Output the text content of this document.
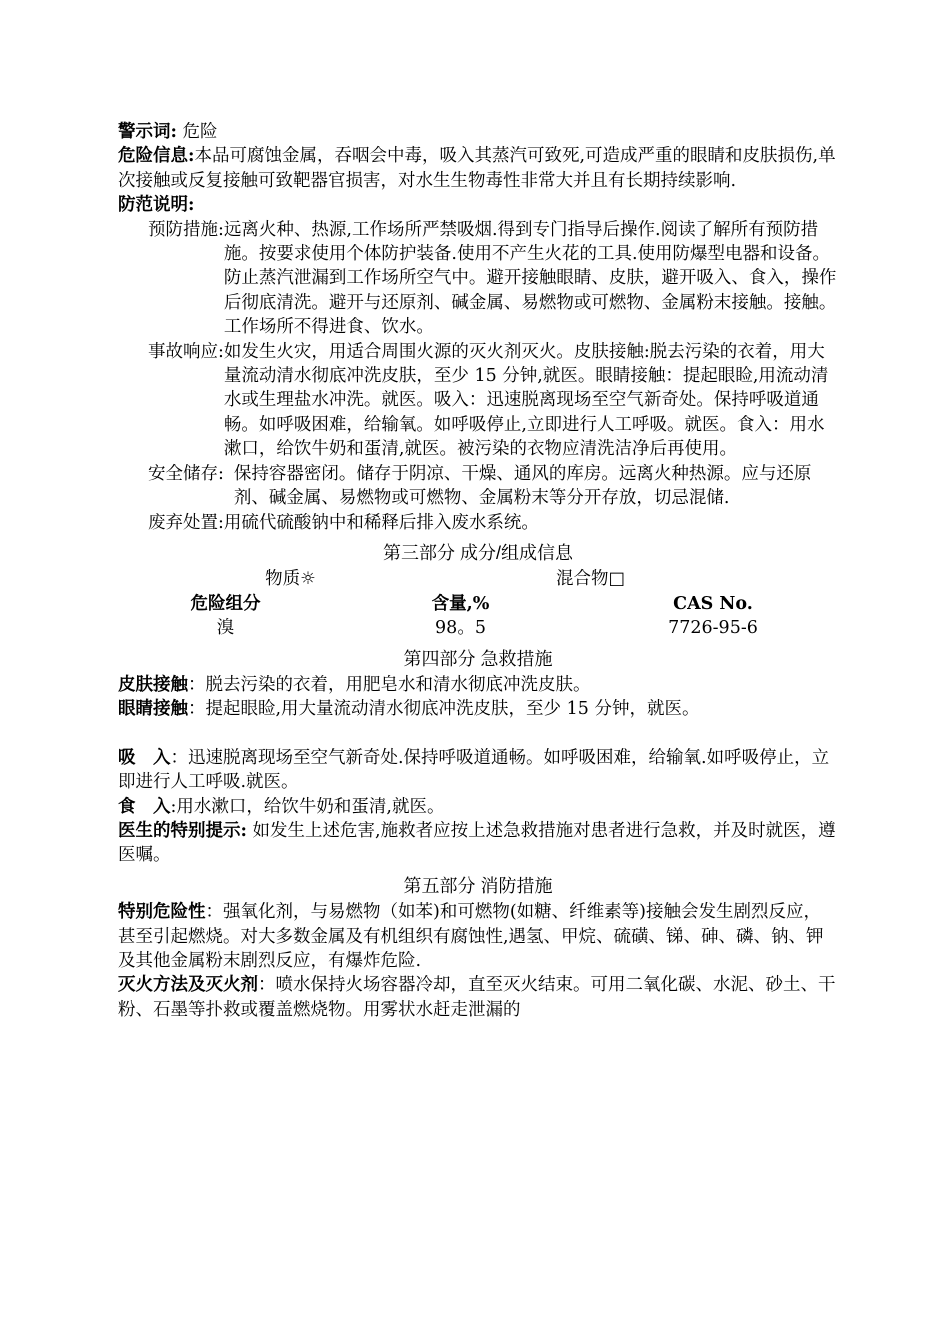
警示词: 危险

危险信息:本品可腐蚀金属，吞咽会中毒，吸入其蒸汽可致死,可造成严重的眼睛和皮肤损伤,单次接触或反复接触可致靶器官损害，对水生生物毒性非常大并且有长期持续影响.

防范说明:

预防措施: 远离火种、热源,工作场所严禁吸烟.得到专门指导后操作.阅读了解所有预防措施。按要求使用个体防护装备.使用不产生火花的工具.使用防爆型电器和设备。防止蒸汽泄漏到工作场所空气中。避开接触眼睛、皮肤，避开吸入、食入，操作后彻底清洗。避开与还原剂、碱金属、易燃物或可燃物、金属粉末接触。接触。工作场所不得进食、饮水。
事故响应: 如发生火灾，用适合周围火源的灭火剂灭火。皮肤接触:脱去污染的衣着，用大量流动清水彻底冲洗皮肤，至少 15 分钟,就医。眼睛接触：提起眼睑,用流动清水或生理盐水冲洗。就医。吸入：迅速脱离现场至空气新奇处。保持呼吸道通畅。如呼吸困难，给输氧。如呼吸停止,立即进行人工呼吸。就医。食入：用水漱口，给饮牛奶和蛋清,就医。被污染的衣物应清洗洁净后再使用。
安全储存: 保持容器密闭。储存于阴凉、干燥、通风的库房。远离火种热源。应与还原剂、碱金属、易燃物或可燃物、金属粉末等分开存放，切忌混储.
废弃处置: 用硫代硫酸钠中和稀释后排入废水系统。

第三部分 成分/组成信息

物质☼	混合物□
危险组分	含量,%	CAS No.
溴	98。5	7726-95-6

第四部分 急救措施

皮肤接触：脱去污染的衣着，用肥皂水和清水彻底冲洗皮肤。

眼睛接触：提起眼睑,用大量流动清水彻底冲洗皮肤，至少 15 分钟，就医。

吸　入：迅速脱离现场至空气新奇处.保持呼吸道通畅。如呼吸困难，给输氧.如呼吸停止，立即进行人工呼吸.就医。

食　入:用水漱口，给饮牛奶和蛋清,就医。

医生的特别提示: 如发生上述危害,施救者应按上述急救措施对患者进行急救，并及时就医，遵医嘱。

第五部分 消防措施

特别危险性：强氧化剂，与易燃物（如苯)和可燃物(如糖、纤维素等)接触会发生剧烈反应，甚至引起燃烧。对大多数金属及有机组织有腐蚀性,遇氢、甲烷、硫磺、锑、砷、磷、钠、钾及其他金属粉末剧烈反应，有爆炸危险.

灭火方法及灭火剂：喷水保持火场容器冷却，直至灭火结束。可用二氧化碳、水泥、砂土、干粉、石墨等扑救或覆盖燃烧物。用雾状水赶走泄漏的
